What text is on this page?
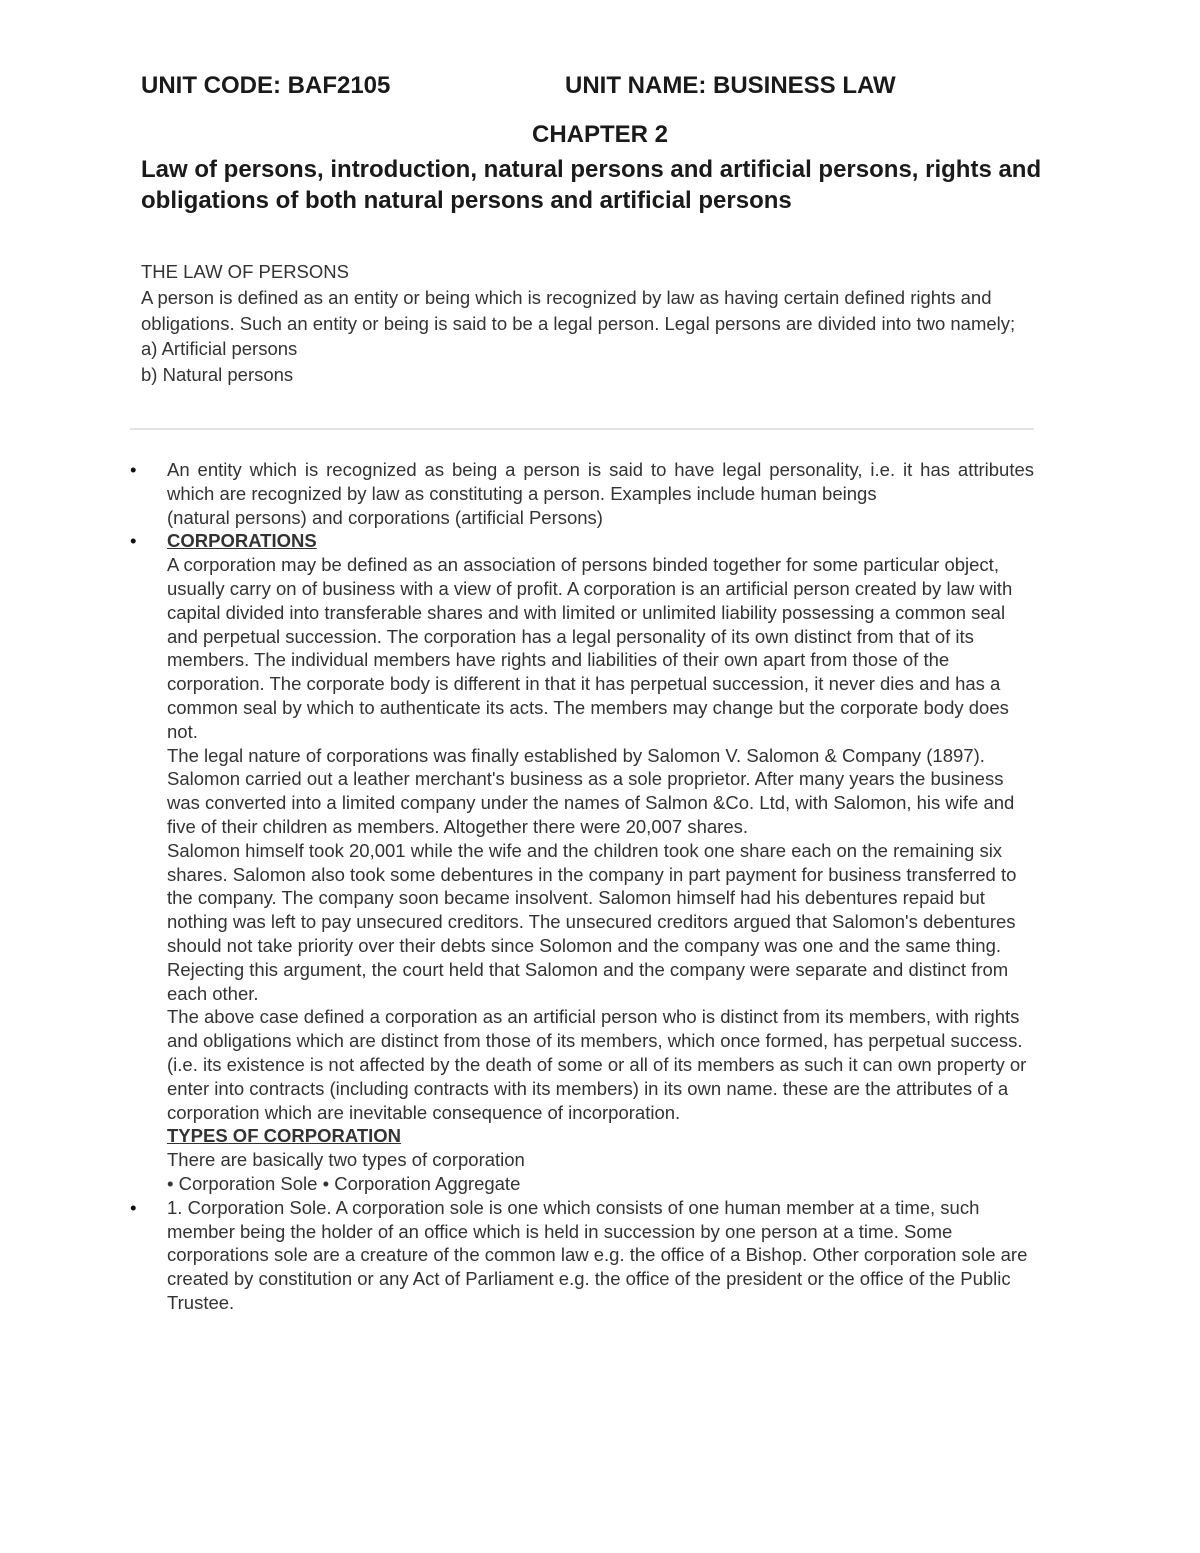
UNIT CODE: BAF2105	UNIT NAME: BUSINESS LAW
CHAPTER 2
Law of persons, introduction, natural persons and artificial persons, rights and obligations of both natural persons and artificial persons

THE LAW OF PERSONS

A person is defined as an entity or being which is recognized by law as having certain defined rights and obligations. Such an entity or being is said to be a legal person. Legal persons are divided into two namely;

a) Artificial persons

b) Natural persons

•	An entity which is recognized as being a person is said to have legal personality, i.e. it has attributes which are recognized by law as constituting a person. Examples include human beings

(natural persons) and corporations (artificial Persons)

•	CORPORATIONS

A corporation may be defined as an association of persons binded together for some particular object, usually carry on of business with a view of profit. A corporation is an artificial person created by law with capital divided into transferable shares and with limited or unlimited liability possessing a common seal and perpetual succession. The corporation has a legal personality of its own distinct from that of its members. The individual members have rights and liabilities of their own apart from those of the corporation. The corporate body is different in that it has perpetual succession, it never dies and has a common seal by which to authenticate its acts. The members may change but the corporate body does not.

The legal nature of corporations was finally established by Salomon V. Salomon & Company (1897). Salomon carried out a leather merchant's business as a sole proprietor. After many years the business was converted into a limited company under the names of Salmon &Co. Ltd, with Salomon, his wife and five of their children as members. Altogether there were 20,007 shares.

Salomon himself took 20,001 while the wife and the children took one share each on the remaining six shares. Salomon also took some debentures in the company in part payment for business transferred to the company. The company soon became insolvent. Salomon himself had his debentures repaid but nothing was left to pay unsecured creditors. The unsecured creditors argued that Salomon's debentures should not take priority over their debts since Solomon and the company was one and the same thing. Rejecting this argument, the court held that Salomon and the company were separate and distinct from each other.

The above case defined a corporation as an artificial person who is distinct from its members, with rights and obligations which are distinct from those of its members, which once formed, has perpetual success. (i.e. its existence is not affected by the death of some or all of its members as such it can own property or enter into contracts (including contracts with its members) in its own name. these are the attributes of a corporation which are inevitable consequence of incorporation.

TYPES OF CORPORATION

There are basically two types of corporation

• Corporation Sole • Corporation Aggregate

•	1. Corporation Sole. A corporation sole is one which consists of one human member at a time, such member being the holder of an office which is held in succession by one person at a time. Some corporations sole are a creature of the common law e.g. the office of a Bishop. Other corporation sole are created by constitution or any Act of Parliament e.g. the office of the president or the office of the Public Trustee.
